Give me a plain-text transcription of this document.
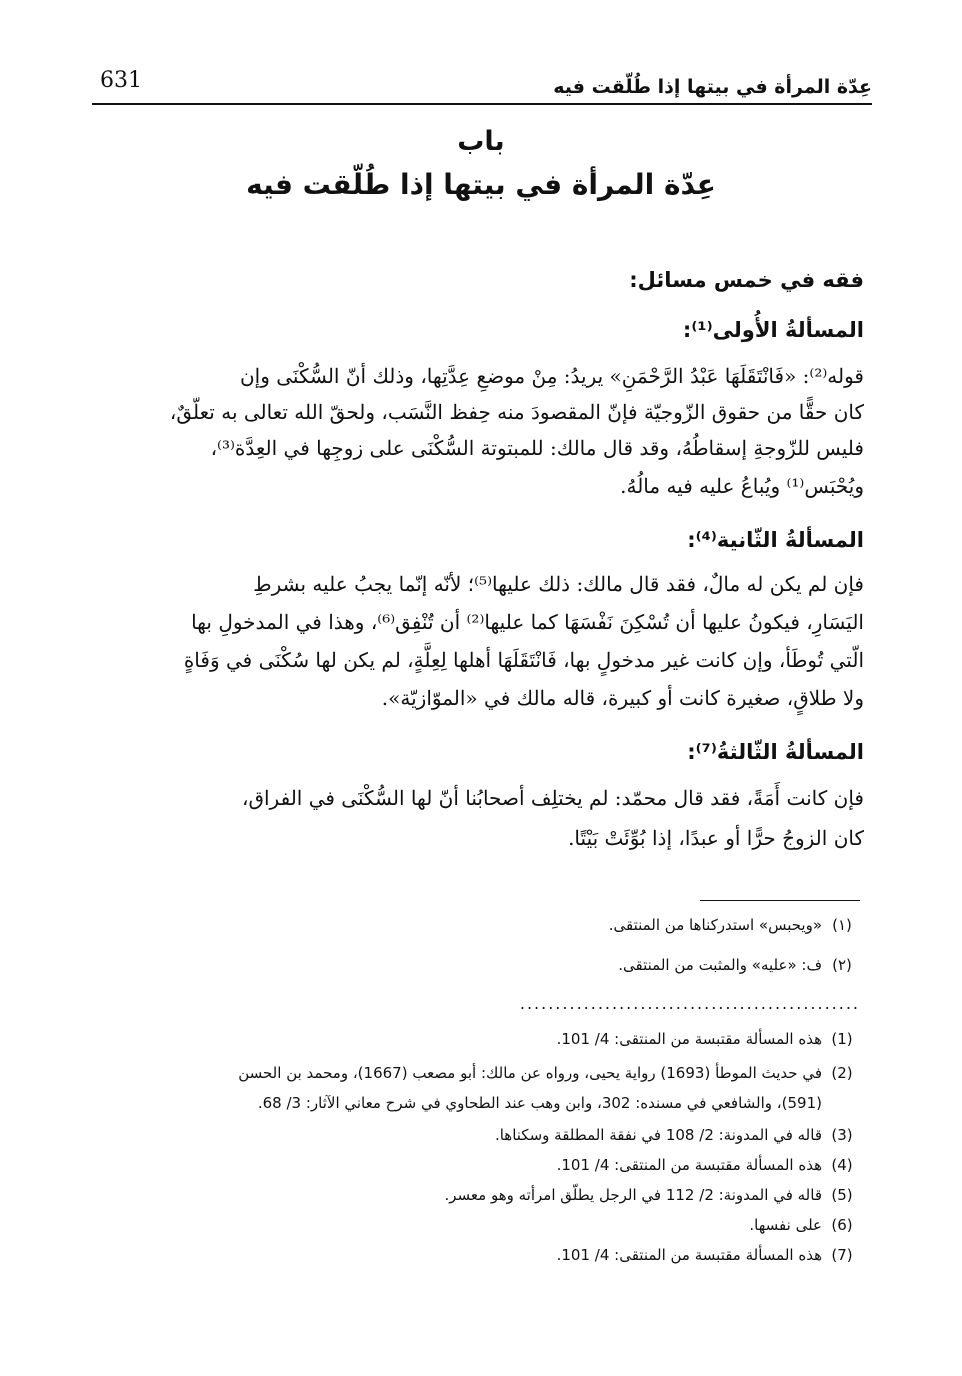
631	عِدّة المرأة في بيتها إذا طُلّقت فيه
باب
عِدّة المرأة في بيتها إذا طُلّقت فيه
فقه في خمس مسائل:
المسألةُ الأُولى⁽¹⁾:
قوله⁽²⁾: «فَانْتَقَلَهَا عَبْدُ الرَّحْمَنِ» يريدُ: مِنْ موضعِ عِدَّتِها، وذلك أنّ السُّكْنَى وإن
كان حقًّا من حقوق الزّوجيّة فإنّ المقصودَ منه حِفظ النَّسَب، ولحقّ الله تعالى به تعلّقٌ،
فليس للزّوجةِ إسقاطُهُ، وقد قال مالك: للمبتوتة السُّكْنَى على زوجِها في العِدَّة⁽³⁾،
ويُحْبَس⁽¹⁾ ويُباعُ عليه فيه مالُهُ.
المسألةُ الثّانية⁽⁴⁾:
فإن لم يكن له مالٌ، فقد قال مالك: ذلك عليها⁽⁵⁾؛ لأنّه إنّما يجبُ عليه بشرطِ
اليَسَارِ، فيكونُ عليها أن تُسْكِنَ نَفْسَهَا كما عليها⁽²⁾ أن تُنْفِق⁽⁶⁾، وهذا في المدخولِ بها
الّتي تُوطَأ، وإن كانت غير مدخولٍ بها، فَانْتَقَلَهَا أهلها لِعِلَّةٍ، لم يكن لها سُكْنَى في وَفَاةٍ
ولا طلاقٍ، صغيرة كانت أو كبيرة، قاله مالك في «الموّازيّة».
المسألةُ الثّالثةُ⁽⁷⁾:
فإن كانت أَمَةً، فقد قال محمّد: لم يختلِف أصحابُنا أنّ لها السُّكْنَى في الفراق،
كان الزوجُ حرًّا أو عبدًا، إذا بُوِّئَتْ بَيْتًا.
(١)«ويحبس» استدركناها من المنتقى.
(٢)ف: «عليه» والمثبت من المنتقى.
................................................
(1)هذه المسألة مقتبسة من المنتقى: 4/ 101.
(2)في حديث الموطأ (1693) رواية يحيى، ورواه عن مالك: أبو مصعب (1667)، ومحمد بن الحسن
(591)، والشافعي في مسنده: 302، وابن وهب عند الطحاوي في شرح معاني الآثار: 3/ 68.
(3)قاله في المدونة: 2/ 108 في نفقة المطلقة وسكناها.
(4)هذه المسألة مقتبسة من المنتقى: 4/ 101.
(5)قاله في المدونة: 2/ 112 في الرجل يطلّق امرأته وهو معسر.
(6)على نفسها.
(7)هذه المسألة مقتبسة من المنتقى: 4/ 101.
